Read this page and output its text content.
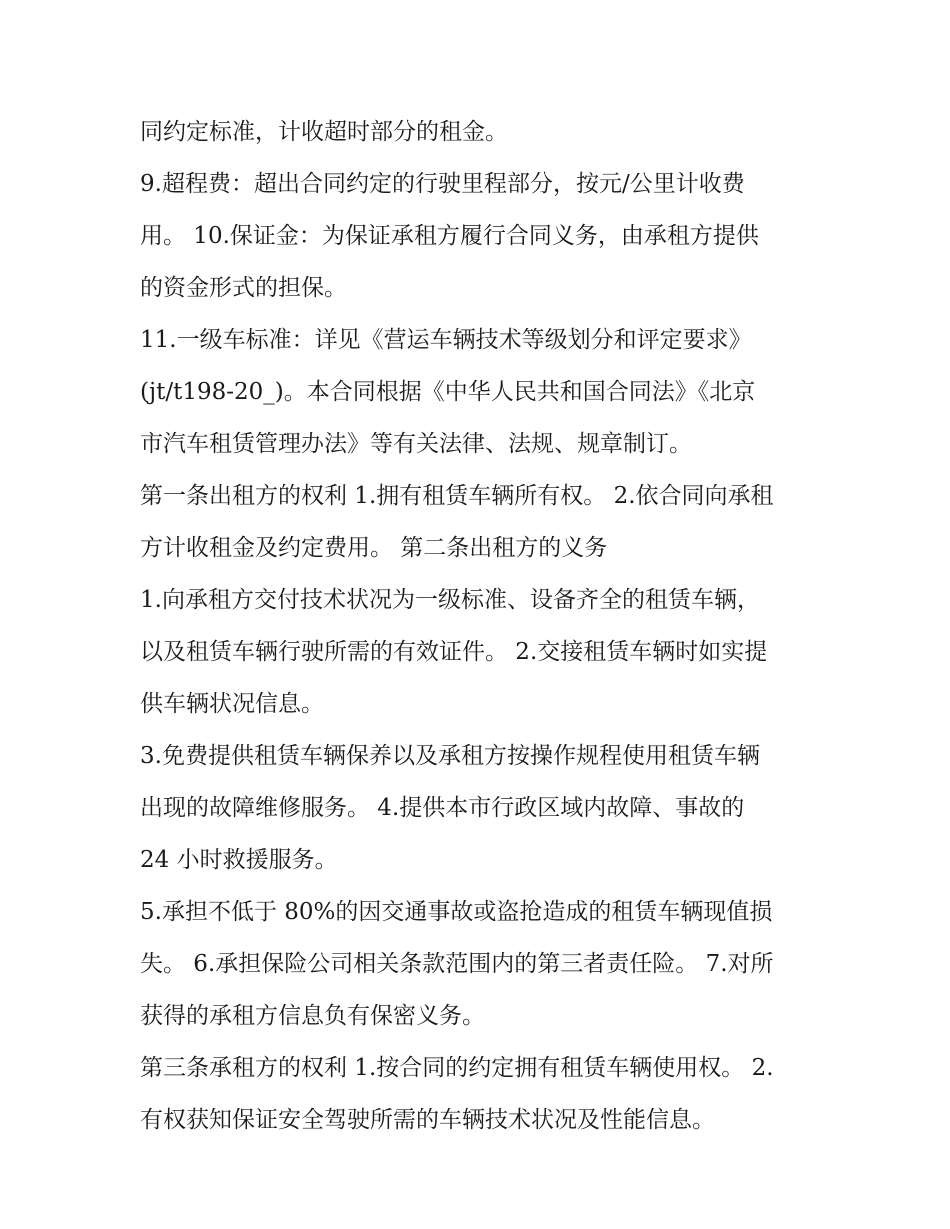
同约定标准，计收超时部分的租金。
9.超程费：超出合同约定的行驶里程部分，按元/公里计收费
用。 10.保证金：为保证承租方履行合同义务，由承租方提供
的资金形式的担保。
11.一级车标准：详见《营运车辆技术等级划分和评定要求》
(jt/t198-20_)。本合同根据《中华人民共和国合同法》《北京
市汽车租赁管理办法》等有关法律、法规、规章制订。
第一条出租方的权利 1.拥有租赁车辆所有权。 2.依合同向承租
方计收租金及约定费用。 第二条出租方的义务
1.向承租方交付技术状况为一级标准、设备齐全的租赁车辆，
以及租赁车辆行驶所需的有效证件。 2.交接租赁车辆时如实提
供车辆状况信息。
3.免费提供租赁车辆保养以及承租方按操作规程使用租赁车辆
出现的故障维修服务。 4.提供本市行政区域内故障、事故的
24 小时救援服务。
5.承担不低于 80%的因交通事故或盗抢造成的租赁车辆现值损
失。 6.承担保险公司相关条款范围内的第三者责任险。 7.对所
获得的承租方信息负有保密义务。
第三条承租方的权利 1.按合同的约定拥有租赁车辆使用权。 2.
有权获知保证安全驾驶所需的车辆技术状况及性能信息。
